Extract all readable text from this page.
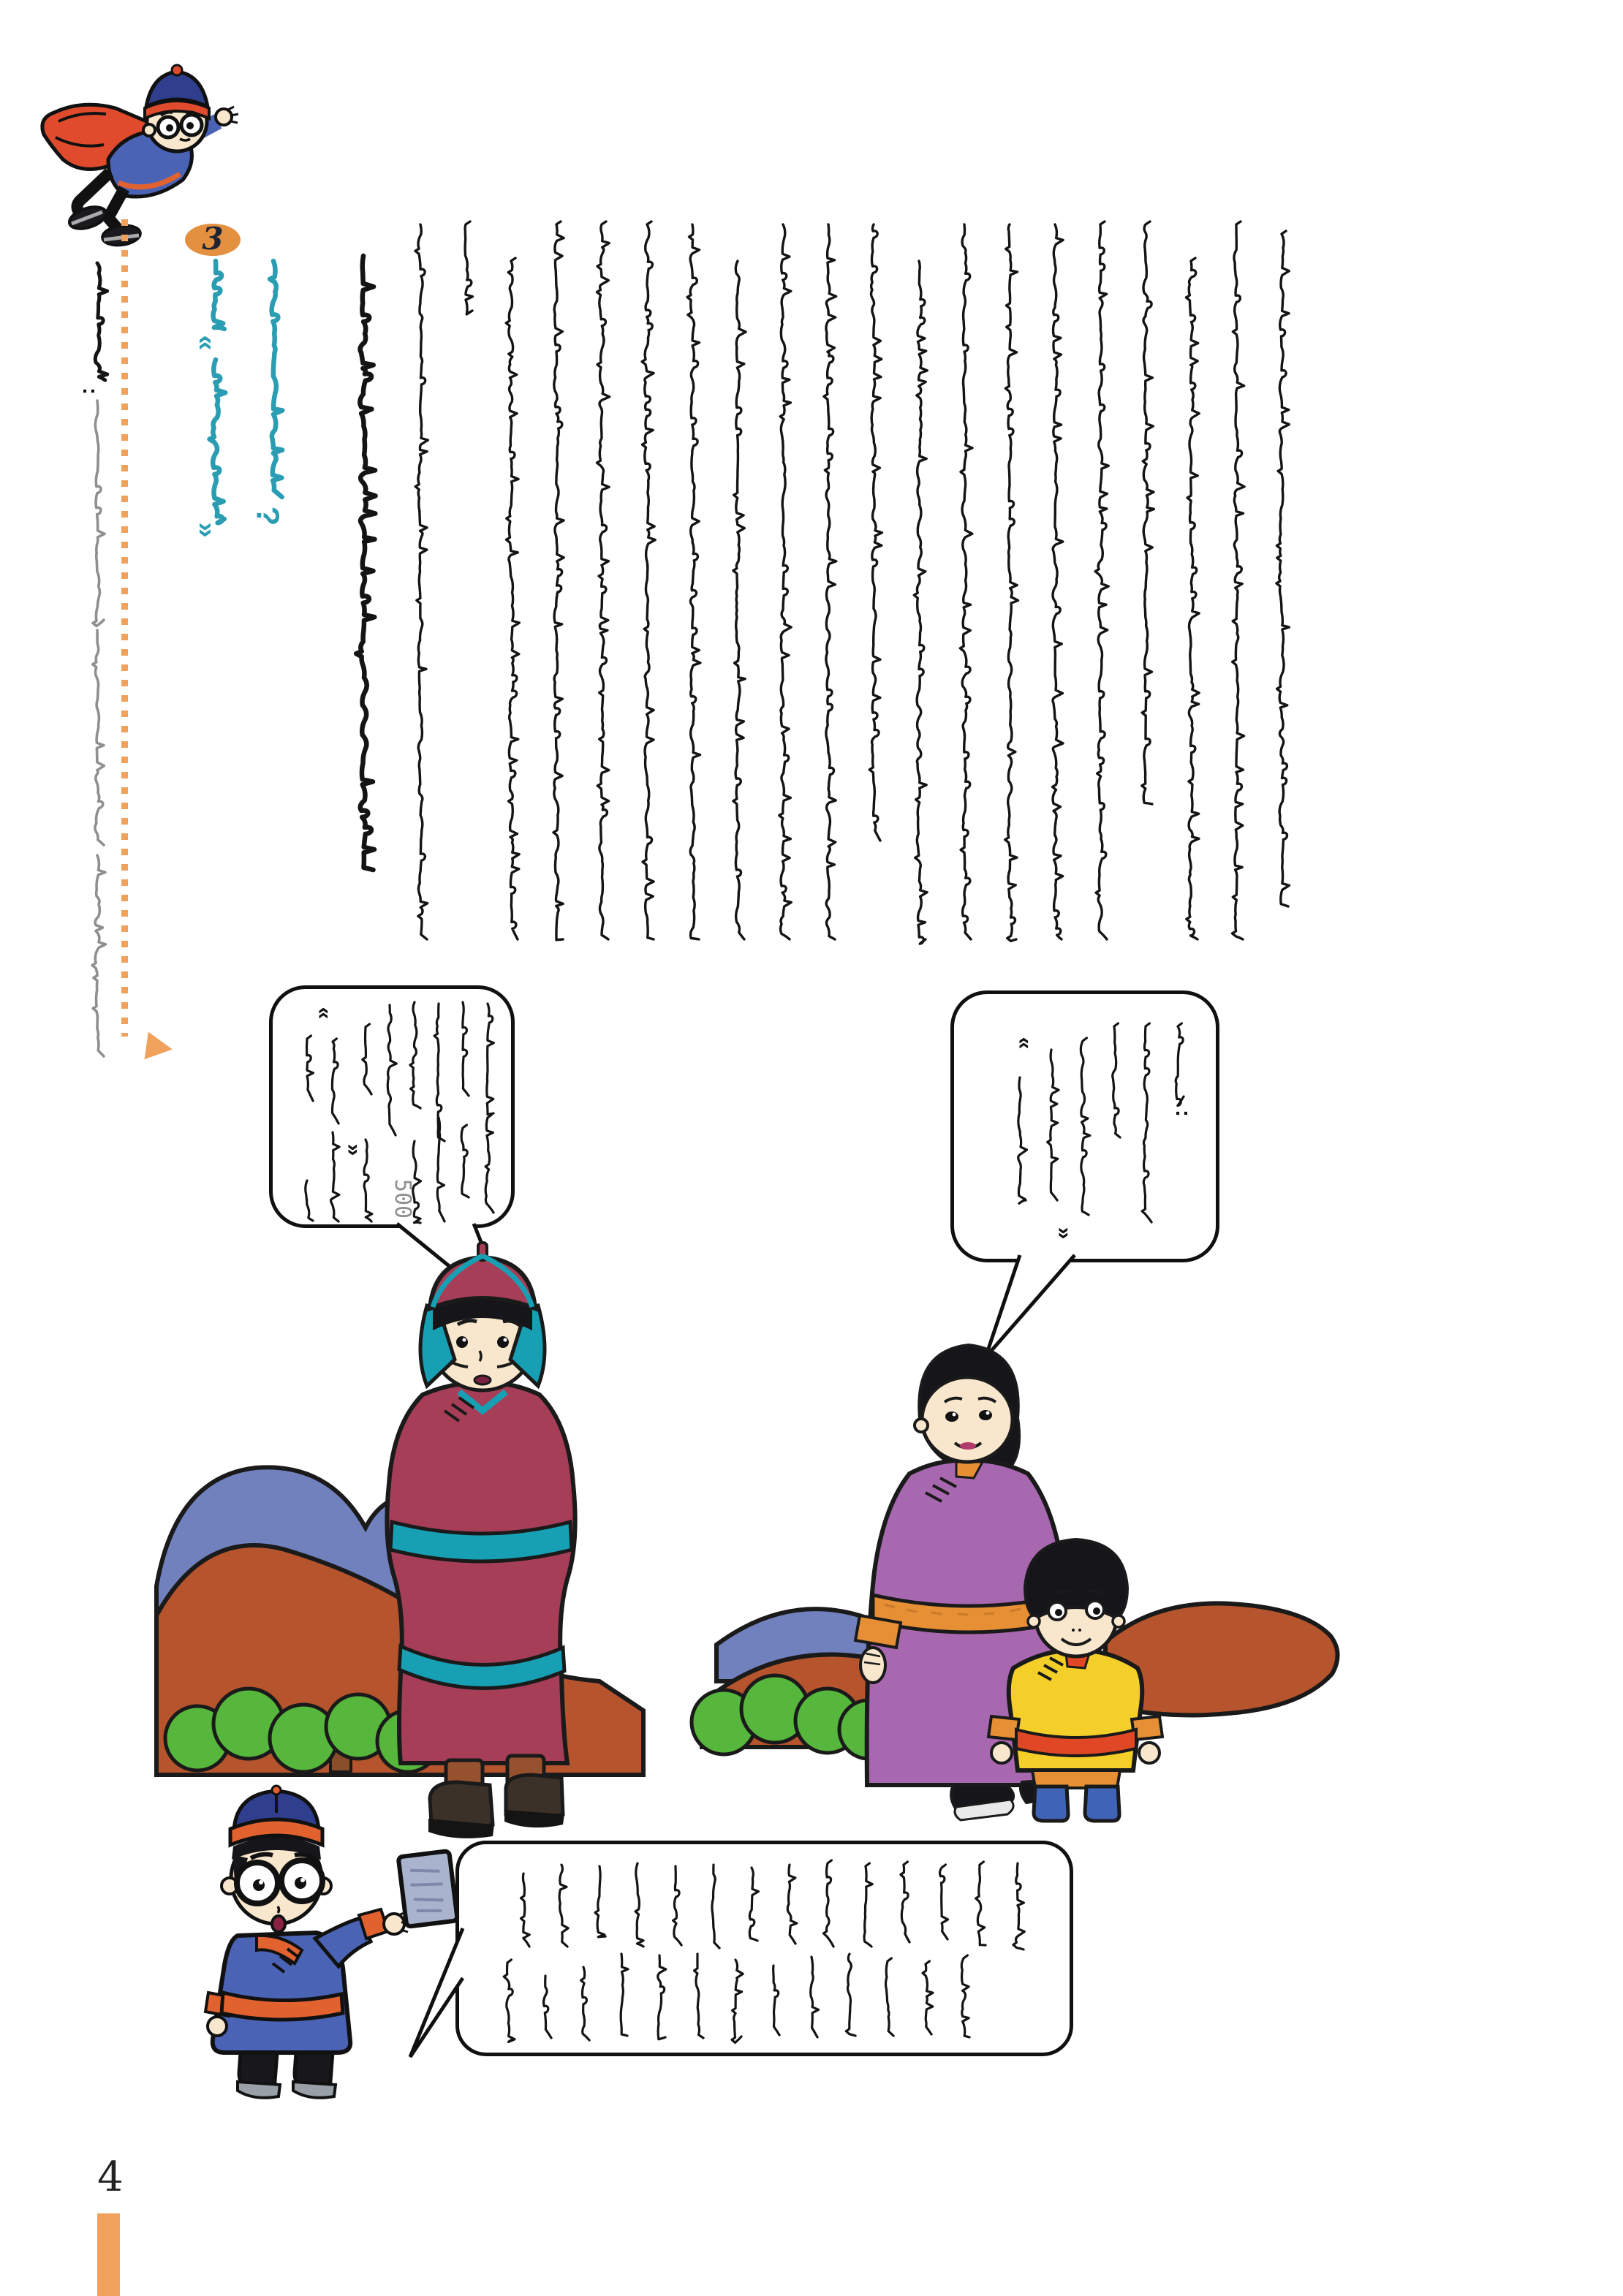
:
3
«
»
?
«
»
500
«
»
:
4
